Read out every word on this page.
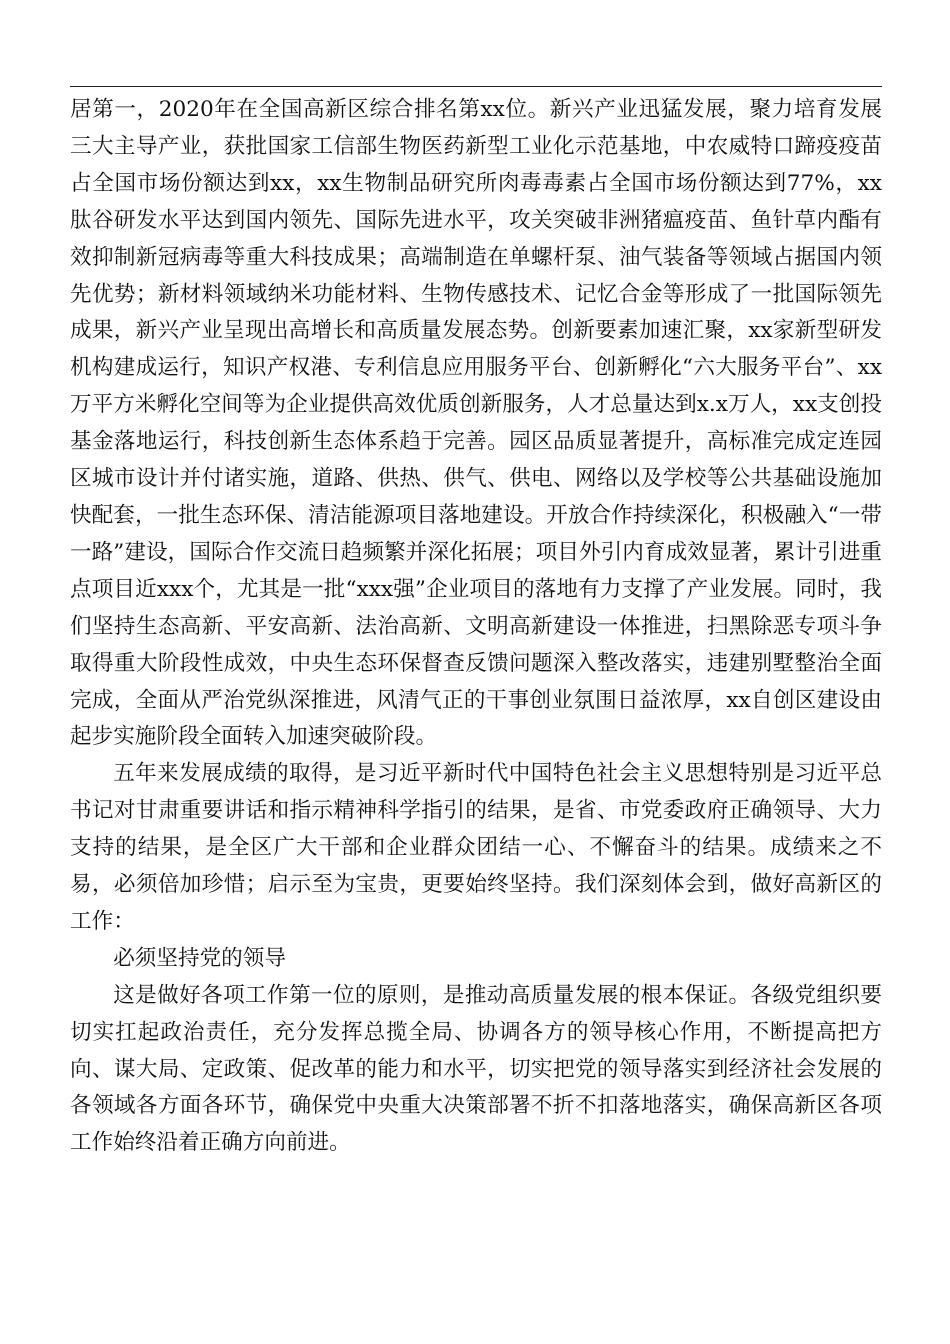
居第一，2020年在全国高新区综合排名第xx位。新兴产业迅猛发展，聚力培育发展三大主导产业，获批国家工信部生物医药新型工业化示范基地，中农威特口蹄疫疫苗占全国市场份额达到xx，xx生物制品研究所肉毒毒素占全国市场份额达到77%，xx肽谷研发水平达到国内领先、国际先进水平，攻关突破非洲猪瘟疫苗、鱼针草内酯有效抑制新冠病毒等重大科技成果；高端制造在单螺杆泵、油气装备等领域占据国内领先优势；新材料领域纳米功能材料、生物传感技术、记忆合金等形成了一批国际领先成果，新兴产业呈现出高增长和高质量发展态势。创新要素加速汇聚，xx家新型研发机构建成运行，知识产权港、专利信息应用服务平台、创新孵化“六大服务平台”、xx万平方米孵化空间等为企业提供高效优质创新服务，人才总量达到x.x万人，xx支创投基金落地运行，科技创新生态体系趋于完善。园区品质显著提升，高标准完成定连园区城市设计并付诸实施，道路、供热、供气、供电、网络以及学校等公共基础设施加快配套，一批生态环保、清洁能源项目落地建设。开放合作持续深化，积极融入“一带一路”建设，国际合作交流日趋频繁并深化拓展；项目外引内育成效显著，累计引进重点项目近xxx个，尤其是一批“xxx强”企业项目的落地有力支撑了产业发展。同时，我们坚持生态高新、平安高新、法治高新、文明高新建设一体推进，扫黑除恶专项斗争取得重大阶段性成效，中央生态环保督查反馈问题深入整改落实，违建别墅整治全面完成，全面从严治党纵深推进，风清气正的干事创业氛围日益浓厚，xx自创区建设由起步实施阶段全面转入加速突破阶段。

五年来发展成绩的取得，是习近平新时代中国特色社会主义思想特别是习近平总书记对甘肃重要讲话和指示精神科学指引的结果，是省、市党委政府正确领导、大力支持的结果，是全区广大干部和企业群众团结一心、不懈奋斗的结果。成绩来之不易，必须倍加珍惜；启示至为宝贵，更要始终坚持。我们深刻体会到，做好高新区的工作：

必须坚持党的领导

这是做好各项工作第一位的原则，是推动高质量发展的根本保证。各级党组织要切实扛起政治责任，充分发挥总揽全局、协调各方的领导核心作用，不断提高把方向、谋大局、定政策、促改革的能力和水平，切实把党的领导落实到经济社会发展的各领域各方面各环节，确保党中央重大决策部署不折不扣落地落实，确保高新区各项工作始终沿着正确方向前进。
